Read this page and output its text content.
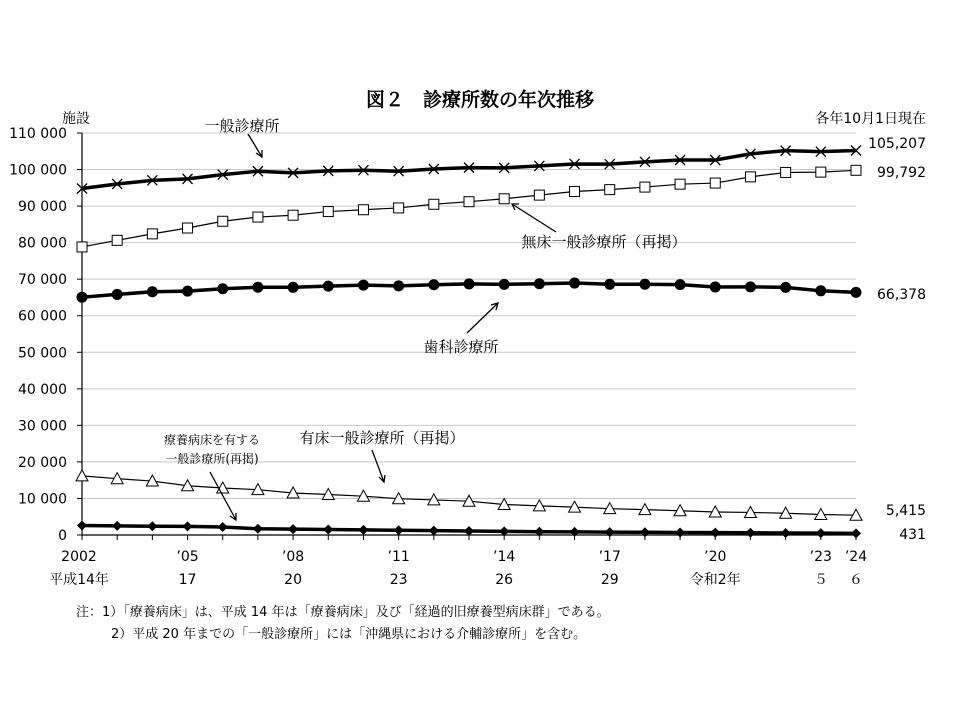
図２　診療所数の年次推移
施設	各年10月1日現在
0
10 000
20 000
30 000
40 000
50 000
60 000
70 000
80 000
90 000
100 000
110 000
2002	’05	’08	’11	’14	’17	’20	’23 ’24
平成14年	17	20	23	26	29	令和2年	５ ６
105,207
99,792
66,378
5,415
431
一般診療所
無床一般診療所（再掲）
歯科診療所
有床一般診療所（再掲）
療養病床を有する
一般診療所(再掲)
注：1）「療養病床」は、平成 14 年は「療養病床」及び「経過的旧療養型病床群」である。
2）平成 20 年までの「一般診療所」には「沖縄県における介輔診療所」を含む。
